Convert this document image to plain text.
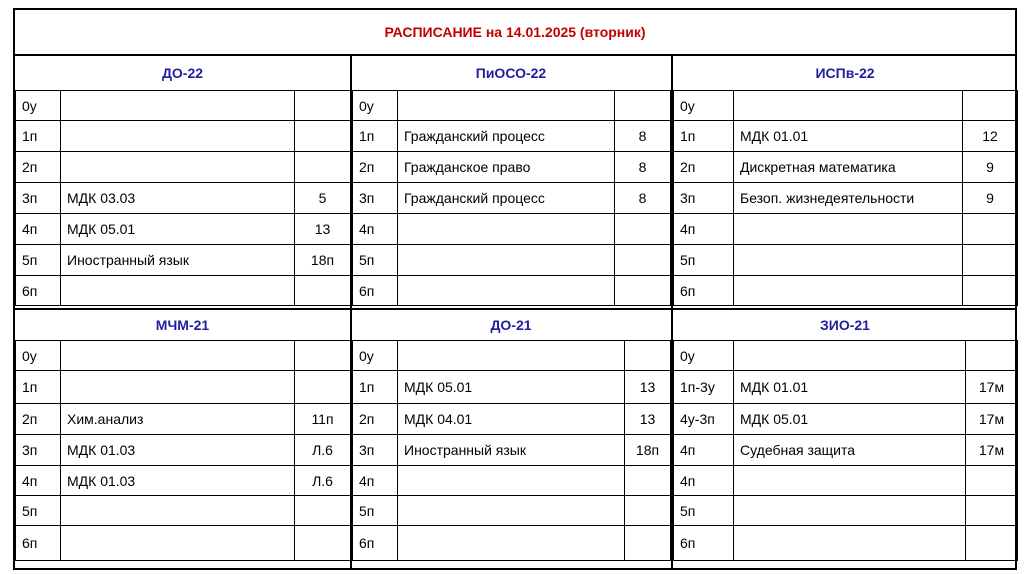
РАСПИСАНИЕ на 14.01.2025 (вторник)
ДО-22
0у		
1п		
2п		
3п	МДК 03.03	5
4п	МДК 05.01	13
5п	Иностранный язык	18п
6п		
ПиОСО-22
0у		
1п	Гражданский процесс	8
2п	Гражданское право	8
3п	Гражданский процесс	8
4п		
5п		
6п		
ИСПв-22
0у		
1п	МДК 01.01	12
2п	Дискретная математика	9
3п	Безоп. жизнедеятельности	9
4п		
5п		
6п		
МЧМ-21
0у		
1п		
2п	Хим.анализ	11п
3п	МДК 01.03	Л.6
4п	МДК 01.03	Л.6
5п		
6п		
ДО-21
0у		
1п	МДК 05.01	13
2п	МДК 04.01	13
3п	Иностранный язык	18п
4п		
5п		
6п		
ЗИО-21
0у		
1п-3у	МДК 01.01	17м
4у-3п	МДК 05.01	17м
4п	Судебная защита	17м
4п		
5п		
6п		
